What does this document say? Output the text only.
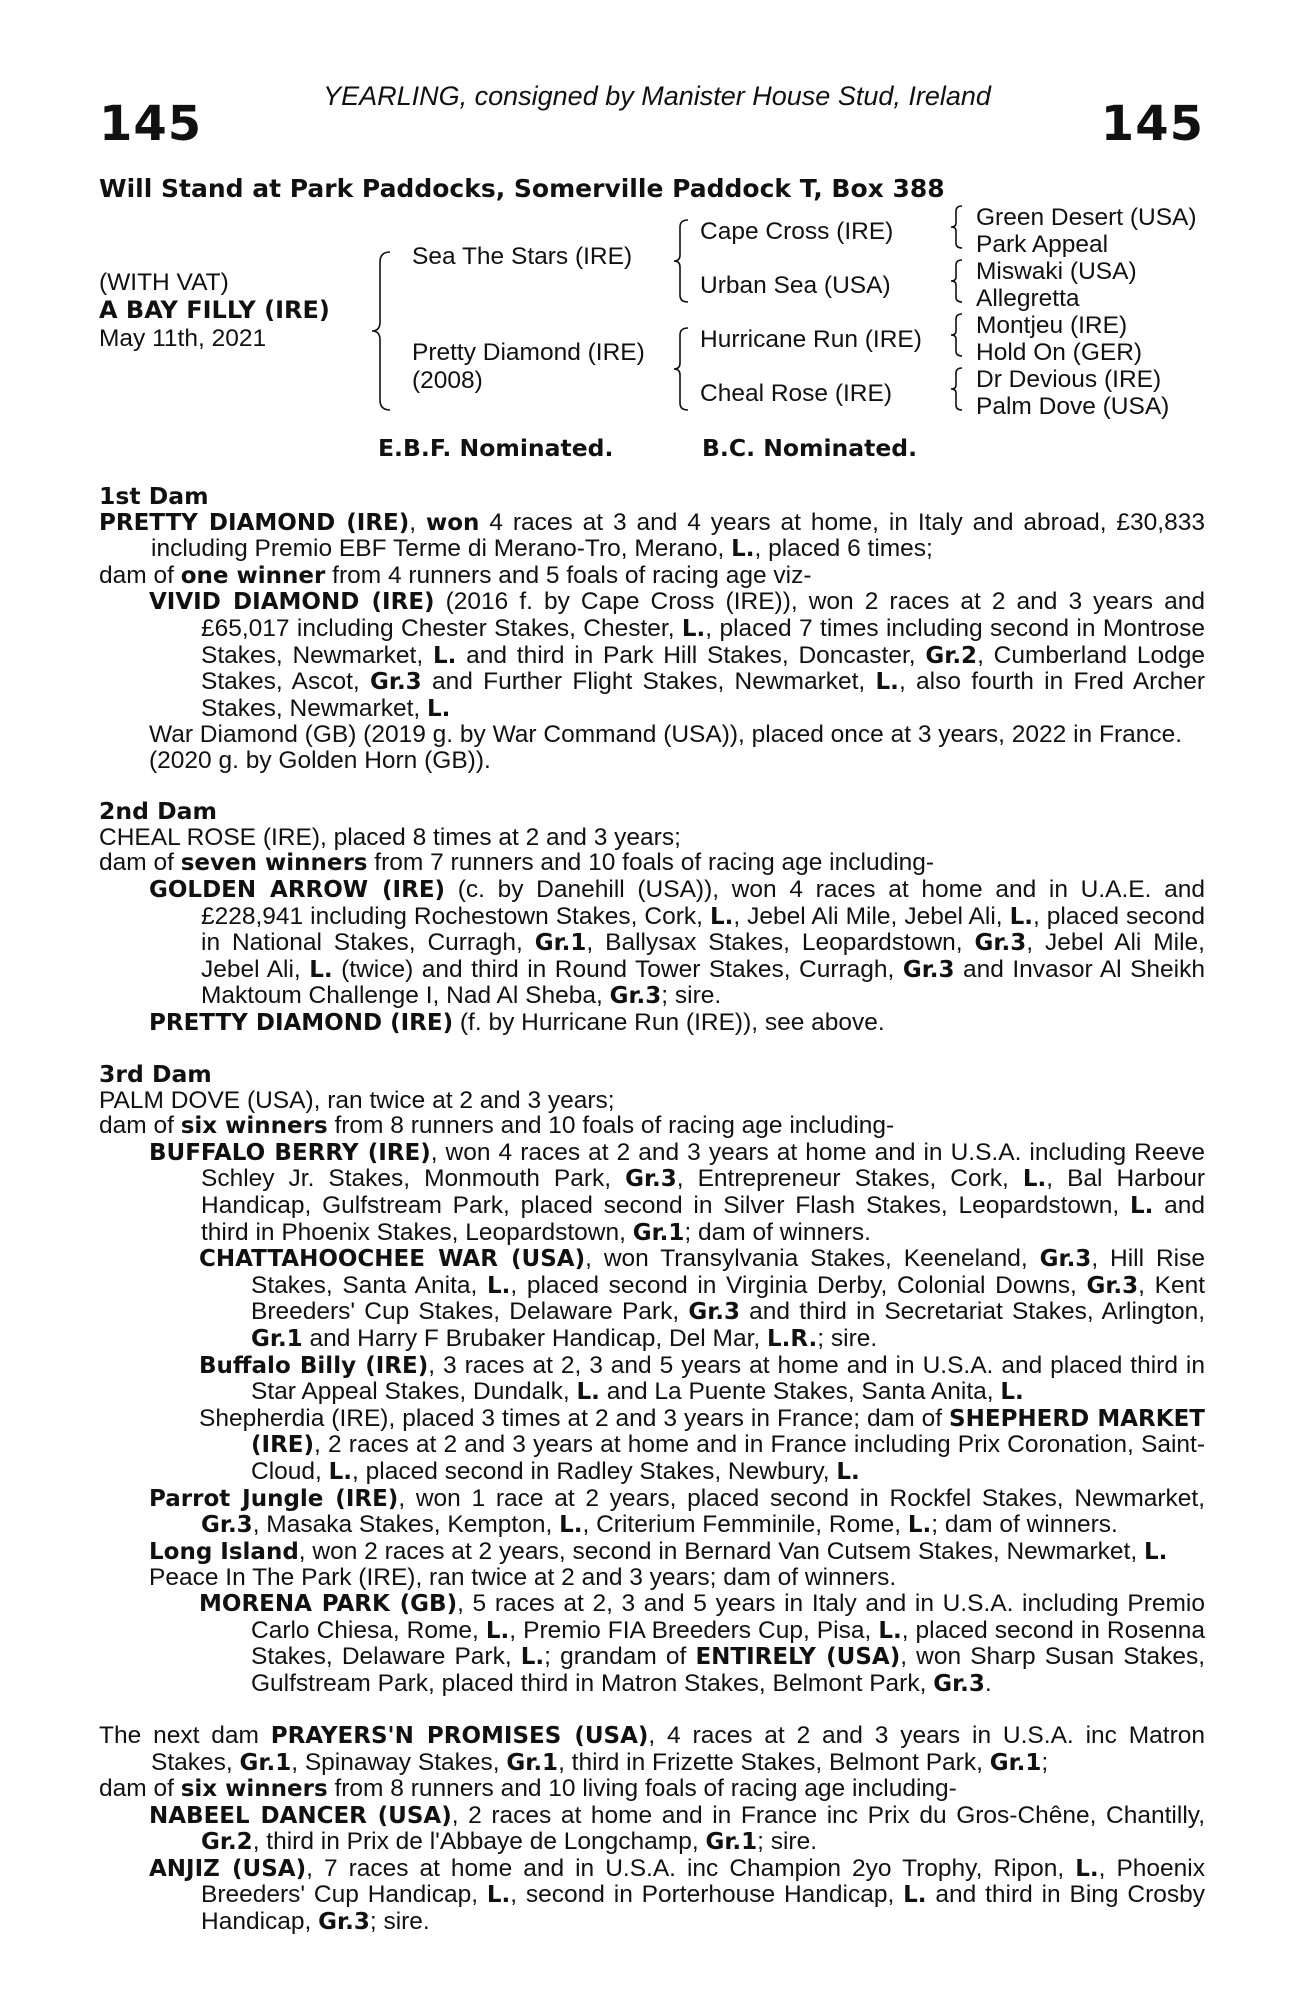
YEARLING, consigned by Manister House Stud, Ireland
145	145
Will Stand at Park Paddocks, Somerville Paddock T, Box 388
(WITH VAT)
A BAY FILLY (IRE)
May 11th, 2021
Sea The Stars (IRE)
Pretty Diamond (IRE)
(2008)
Cape Cross (IRE)
Urban Sea (USA)
Hurricane Run (IRE)
Cheal Rose (IRE)
Green Desert (USA)
Park Appeal
Miswaki (USA)
Allegretta
Montjeu (IRE)
Hold On (GER)
Dr Devious (IRE)
Palm Dove (USA)
E.B.F. Nominated.	B.C. Nominated.
1st Dam
PRETTY DIAMOND (IRE), won 4 races at 3 and 4 years at home, in Italy and abroad, £30,833 including Premio EBF Terme di Merano-Tro, Merano, L., placed 6 times;
dam of one winner from 4 runners and 5 foals of racing age viz-
VIVID DIAMOND (IRE) (2016 f. by Cape Cross (IRE)), won 2 races at 2 and 3 years and £65,017 including Chester Stakes, Chester, L., placed 7 times including second in Montrose Stakes, Newmarket, L. and third in Park Hill Stakes, Doncaster, Gr.2, Cumberland Lodge Stakes, Ascot, Gr.3 and Further Flight Stakes, Newmarket, L., also fourth in Fred Archer Stakes, Newmarket, L.
War Diamond (GB) (2019 g. by War Command (USA)), placed once at 3 years, 2022 in France.
(2020 g. by Golden Horn (GB)).
2nd Dam
CHEAL ROSE (IRE), placed 8 times at 2 and 3 years;
dam of seven winners from 7 runners and 10 foals of racing age including-
GOLDEN ARROW (IRE) (c. by Danehill (USA)), won 4 races at home and in U.A.E. and £228,941 including Rochestown Stakes, Cork, L., Jebel Ali Mile, Jebel Ali, L., placed second in National Stakes, Curragh, Gr.1, Ballysax Stakes, Leopardstown, Gr.3, Jebel Ali Mile, Jebel Ali, L. (twice) and third in Round Tower Stakes, Curragh, Gr.3 and Invasor Al Sheikh Maktoum Challenge I, Nad Al Sheba, Gr.3; sire.
PRETTY DIAMOND (IRE) (f. by Hurricane Run (IRE)), see above.
3rd Dam
PALM DOVE (USA), ran twice at 2 and 3 years;
dam of six winners from 8 runners and 10 foals of racing age including-
BUFFALO BERRY (IRE), won 4 races at 2 and 3 years at home and in U.S.A. including Reeve Schley Jr. Stakes, Monmouth Park, Gr.3, Entrepreneur Stakes, Cork, L., Bal Harbour Handicap, Gulfstream Park, placed second in Silver Flash Stakes, Leopardstown, L. and third in Phoenix Stakes, Leopardstown, Gr.1; dam of winners.
CHATTAHOOCHEE WAR (USA), won Transylvania Stakes, Keeneland, Gr.3, Hill Rise Stakes, Santa Anita, L., placed second in Virginia Derby, Colonial Downs, Gr.3, Kent Breeders' Cup Stakes, Delaware Park, Gr.3 and third in Secretariat Stakes, Arlington, Gr.1 and Harry F Brubaker Handicap, Del Mar, L.R.; sire.
Buffalo Billy (IRE), 3 races at 2, 3 and 5 years at home and in U.S.A. and placed third in Star Appeal Stakes, Dundalk, L. and La Puente Stakes, Santa Anita, L.
Shepherdia (IRE), placed 3 times at 2 and 3 years in France; dam of SHEPHERD MARKET (IRE), 2 races at 2 and 3 years at home and in France including Prix Coronation, Saint-Cloud, L., placed second in Radley Stakes, Newbury, L.
Parrot Jungle (IRE), won 1 race at 2 years, placed second in Rockfel Stakes, Newmarket, Gr.3, Masaka Stakes, Kempton, L., Criterium Femminile, Rome, L.; dam of winners.
Long Island, won 2 races at 2 years, second in Bernard Van Cutsem Stakes, Newmarket, L.
Peace In The Park (IRE), ran twice at 2 and 3 years; dam of winners.
MORENA PARK (GB), 5 races at 2, 3 and 5 years in Italy and in U.S.A. including Premio Carlo Chiesa, Rome, L., Premio FIA Breeders Cup, Pisa, L., placed second in Rosenna Stakes, Delaware Park, L.; grandam of ENTIRELY (USA), won Sharp Susan Stakes, Gulfstream Park, placed third in Matron Stakes, Belmont Park, Gr.3.
The next dam PRAYERS'N PROMISES (USA), 4 races at 2 and 3 years in U.S.A. inc Matron Stakes, Gr.1, Spinaway Stakes, Gr.1, third in Frizette Stakes, Belmont Park, Gr.1;
dam of six winners from 8 runners and 10 living foals of racing age including-
NABEEL DANCER (USA), 2 races at home and in France inc Prix du Gros-Chêne, Chantilly, Gr.2, third in Prix de l'Abbaye de Longchamp, Gr.1; sire.
ANJIZ (USA), 7 races at home and in U.S.A. inc Champion 2yo Trophy, Ripon, L., Phoenix Breeders' Cup Handicap, L., second in Porterhouse Handicap, L. and third in Bing Crosby Handicap, Gr.3; sire.
